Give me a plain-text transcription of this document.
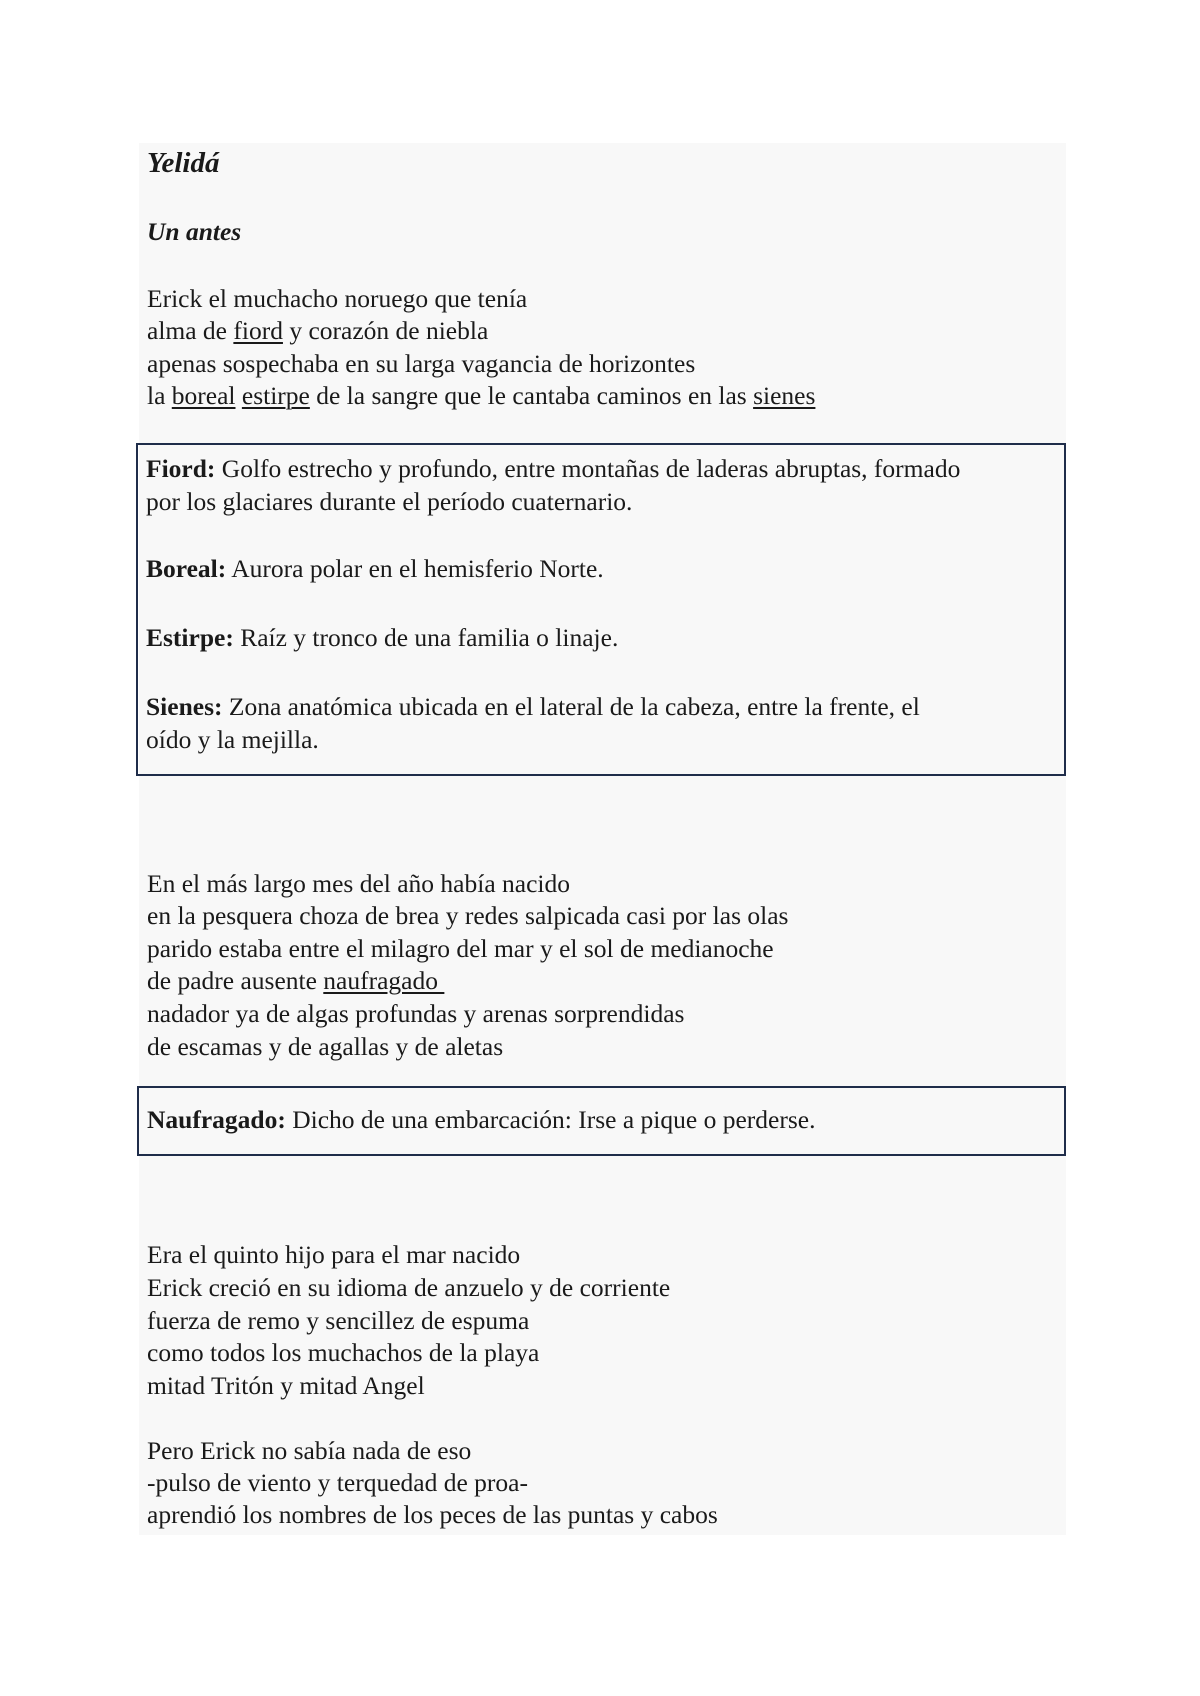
Yelidá
Un antes
Erick el muchacho noruego que tenía
alma de fiord y corazón de niebla
apenas sospechaba en su larga vagancia de horizontes
la boreal estirpe de la sangre que le cantaba caminos en las sienes
Fiord: Golfo estrecho y profundo, entre montañas de laderas abruptas, formado
por los glaciares durante el período cuaternario.
Boreal: Aurora polar en el hemisferio Norte.
Estirpe: Raíz y tronco de una familia o linaje.
Sienes: Zona anatómica ubicada en el lateral de la cabeza, entre la frente, el
oído y la mejilla.
En el más largo mes del año había nacido
en la pesquera choza de brea y redes salpicada casi por las olas
parido estaba entre el milagro del mar y el sol de medianoche
de padre ausente naufragado
nadador ya de algas profundas y arenas sorprendidas
de escamas y de agallas y de aletas
Naufragado: Dicho de una embarcación: Irse a pique o perderse.
Era el quinto hijo para el mar nacido
Erick creció en su idioma de anzuelo y de corriente
fuerza de remo y sencillez de espuma
como todos los muchachos de la playa
mitad Tritón y mitad Angel
Pero Erick no sabía nada de eso
-pulso de viento y terquedad de proa-
aprendió los nombres de los peces de las puntas y cabos
